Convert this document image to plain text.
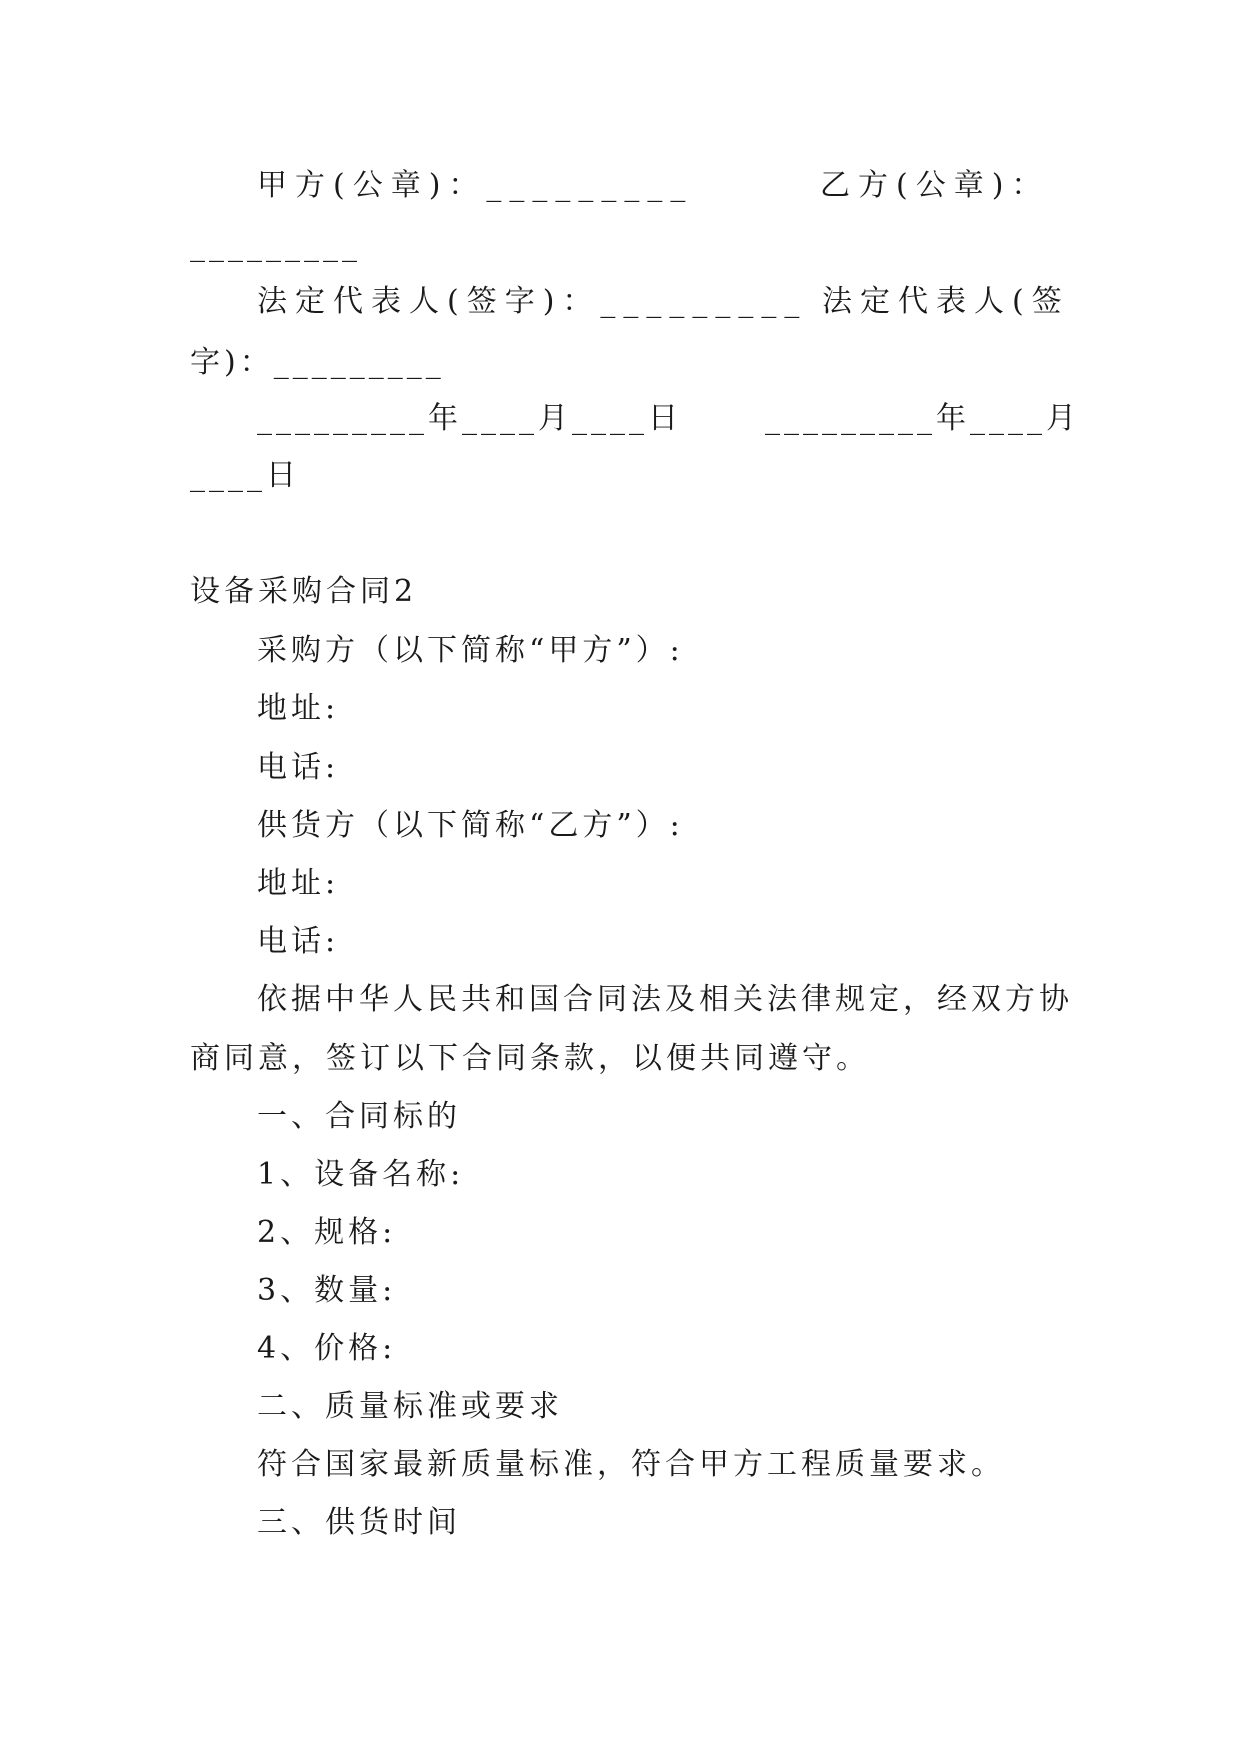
甲方(公章)：_________	乙方(公章)：
_________
法定代表人(签字)：_________ 法定代表人(签
字)：_________
_________年____月____日	_________年____月
____日
设备采购合同2
采购方（以下简称“甲方”）:
地址:
电话:
供货方（以下简称“乙方”）:
地址:
电话:
依据中华人民共和国合同法及相关法律规定，经双方协
商同意，签订以下合同条款，以便共同遵守。
一、合同标的
1、设备名称:
2、规格:
3、数量:
4、价格:
二、质量标准或要求
符合国家最新质量标准，符合甲方工程质量要求。
三、供货时间
